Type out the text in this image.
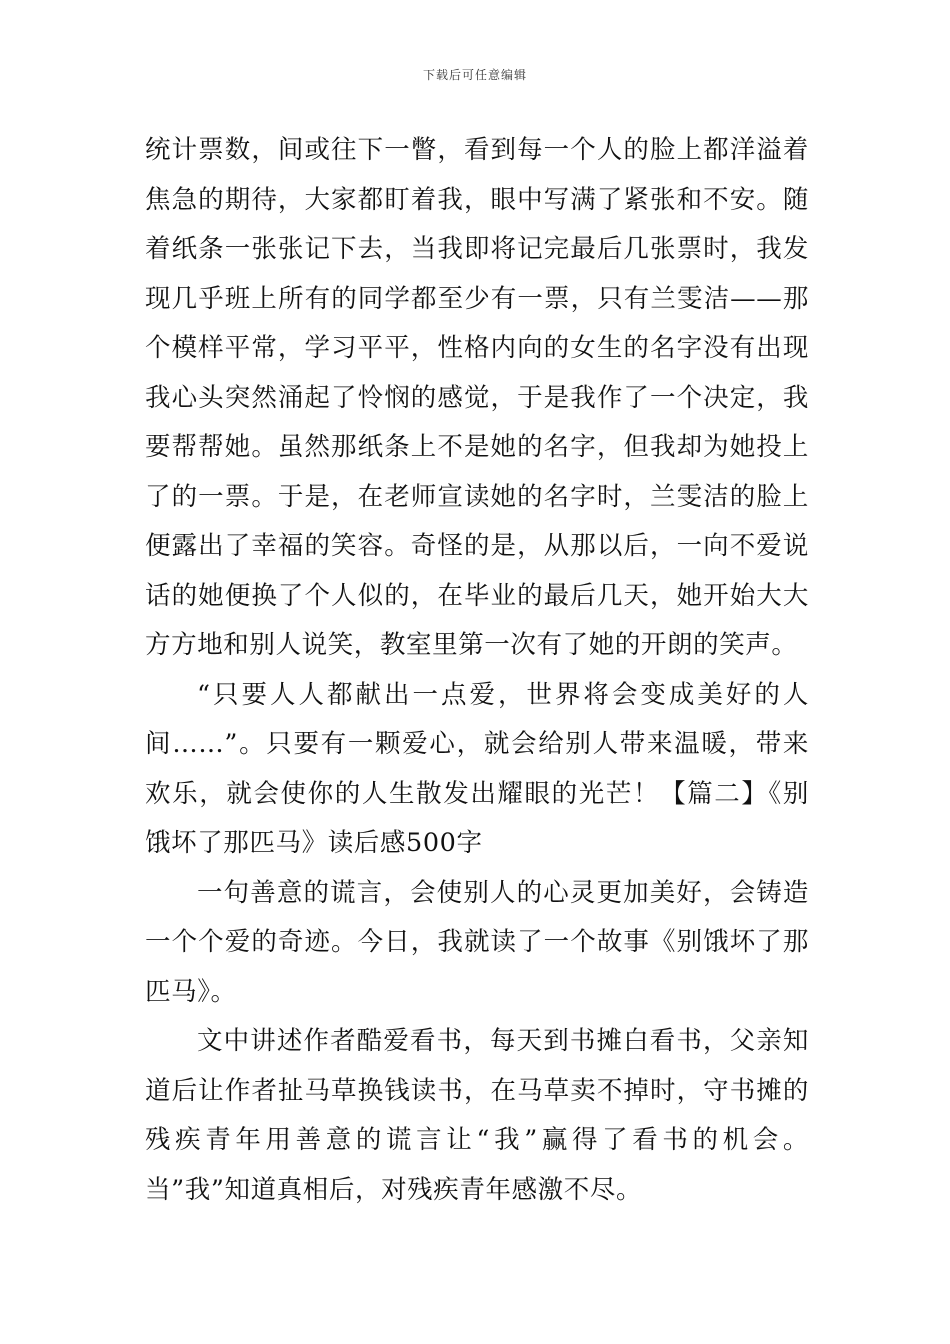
下载后可任意编辑

统计票数，间或往下一瞥，看到每一个人的脸上都洋溢着焦急的期待，大家都盯着我，眼中写满了紧张和不安。随着纸条一张张记下去，当我即将记完最后几张票时，我发现几乎班上所有的同学都至少有一票，只有兰雯洁——那个模样平常，学习平平，性格内向的女生的名字没有出现我心头突然涌起了怜悯的感觉，于是我作了一个决定，我要帮帮她。虽然那纸条上不是她的名字，但我却为她投上了的一票。于是，在老师宣读她的名字时，兰雯洁的脸上便露出了幸福的笑容。奇怪的是，从那以后，一向不爱说话的她便换了个人似的，在毕业的最后几天，她开始大大方方地和别人说笑，教室里第一次有了她的开朗的笑声。

“只要人人都献出一点爱，世界将会变成美好的人间……”。只要有一颗爱心，就会给别人带来温暖，带来欢乐，就会使你的人生散发出耀眼的光芒！【篇二】《别饿坏了那匹马》读后感500字

一句善意的谎言，会使别人的心灵更加美好，会铸造一个个爱的奇迹。今日，我就读了一个故事《别饿坏了那匹马》。

文中讲述作者酷爱看书，每天到书摊白看书，父亲知道后让作者扯马草换钱读书，在马草卖不掉时，守书摊的残疾青年用善意的谎言让“我”赢得了看书的机会。当”我”知道真相后，对残疾青年感激不尽。
